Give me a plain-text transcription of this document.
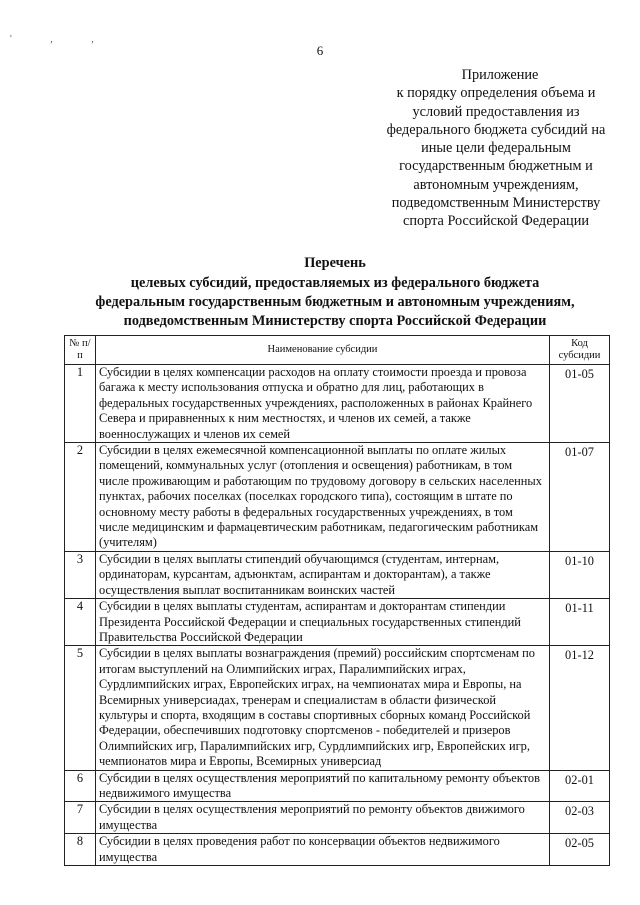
' , ,
6
Приложение
к порядку определения объема и
условий предоставления из
федерального бюджета субсидий на
иные цели федеральным
государственным бюджетным и
автономным учреждениям,
подведомственным Министерству
спорта Российской Федерации
Перечень
целевых субсидий, предоставляемых из федерального бюджета
федеральным государственным бюджетным и автономным учреждениям,
подведомственным Министерству спорта Российской Федерации
№ п/п	Наименование субсидии	Код субсидии
1	Субсидии в целях компенсации расходов на оплату стоимости проезда и провоза багажа к месту использования отпуска и обратно для лиц, работающих в федеральных государственных учреждениях, расположенных в районах Крайнего Севера и приравненных к ним местностях, и членов их семей, а также военнослужащих и членов их семей	01-05
2	Субсидии в целях ежемесячной компенсационной выплаты по оплате жилых помещений, коммунальных услуг (отопления и освещения) работникам, в том числе проживающим и работающим по трудовому договору в сельских населенных пунктах, рабочих поселках (поселках городского типа), состоящим в штате по основному месту работы в федеральных государственных учреждениях, в том числе медицинским и фармацевтическим работникам, педагогическим работникам (учителям)	01-07
3	Субсидии в целях выплаты стипендий обучающимся (студентам, интернам, ординаторам, курсантам, адъюнктам, аспирантам и докторантам), а также осуществления выплат воспитанникам воинских частей	01-10
4	Субсидии в целях выплаты студентам, аспирантам и докторантам стипендии Президента Российской Федерации и специальных государственных стипендий Правительства Российской Федерации	01-11
5	Субсидии в целях выплаты вознаграждения (премий) российским спортсменам по итогам выступлений на Олимпийских играх, Паралимпийских играх, Сурдлимпийских играх, Европейских играх, на чемпионатах мира и Европы, на Всемирных универсиадах, тренерам и специалистам в области физической культуры и спорта, входящим в составы спортивных сборных команд Российской Федерации, обеспечивших подготовку спортсменов - победителей и призеров Олимпийских игр, Паралимпийских игр, Сурдлимпийских игр, Европейских игр, чемпионатов мира и Европы, Всемирных универсиад	01-12
6	Субсидии в целях осуществления мероприятий по капитальному ремонту объектов недвижимого имущества	02-01
7	Субсидии в целях осуществления мероприятий по ремонту объектов движимого имущества	02-03
8	Субсидии в целях проведения работ по консервации объектов недвижимого имущества	02-05
